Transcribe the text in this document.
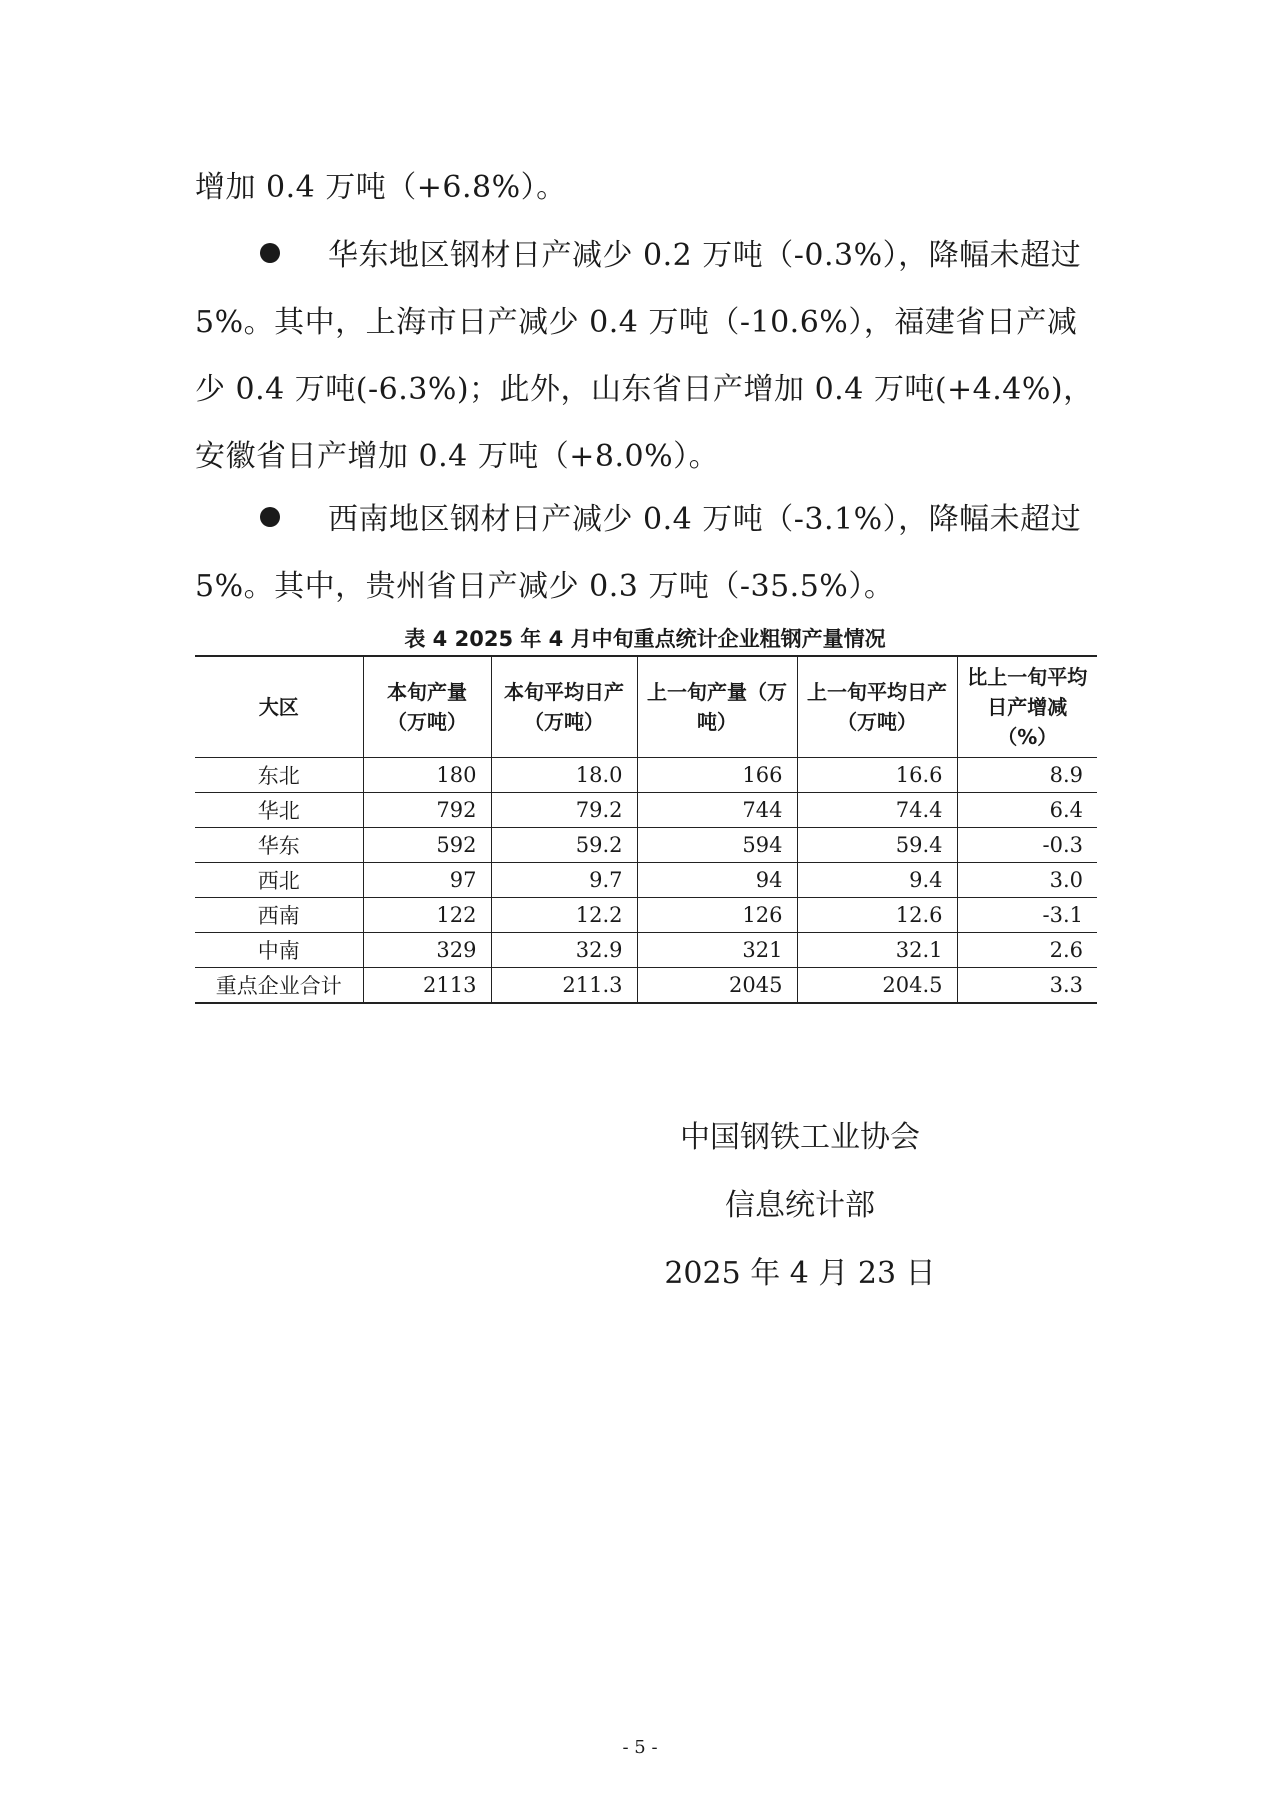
增加 0.4 万吨（+6.8%）。

华东地区钢材日产减少 0.2 万吨（-0.3%），降幅未超过 5%。其中，上海市日产减少 0.4 万吨（-10.6%），福建省日产减少 0.4 万吨(-6.3%)；此外，山东省日产增加 0.4 万吨(+4.4%)，安徽省日产增加 0.4 万吨（+8.0%）。

西南地区钢材日产减少 0.4 万吨（-3.1%），降幅未超过 5%。其中，贵州省日产减少 0.3 万吨（-35.5%）。

表 4 2025 年 4 月中旬重点统计企业粗钢产量情况
大区	本旬产量（万吨）	本旬平均日产（万吨）	上一旬产量（万吨）	上一旬平均日产（万吨）	比上一旬平均日产增减（%）
东北	180	18.0	166	16.6	8.9
华北	792	79.2	744	74.4	6.4
华东	592	59.2	594	59.4	-0.3
西北	97	9.7	94	9.4	3.0
西南	122	12.2	126	12.6	-3.1
中南	329	32.9	321	32.1	2.6
重点企业合计	2113	211.3	2045	204.5	3.3
中国钢铁工业协会
信息统计部
2025 年 4 月 23 日
- 5 -
